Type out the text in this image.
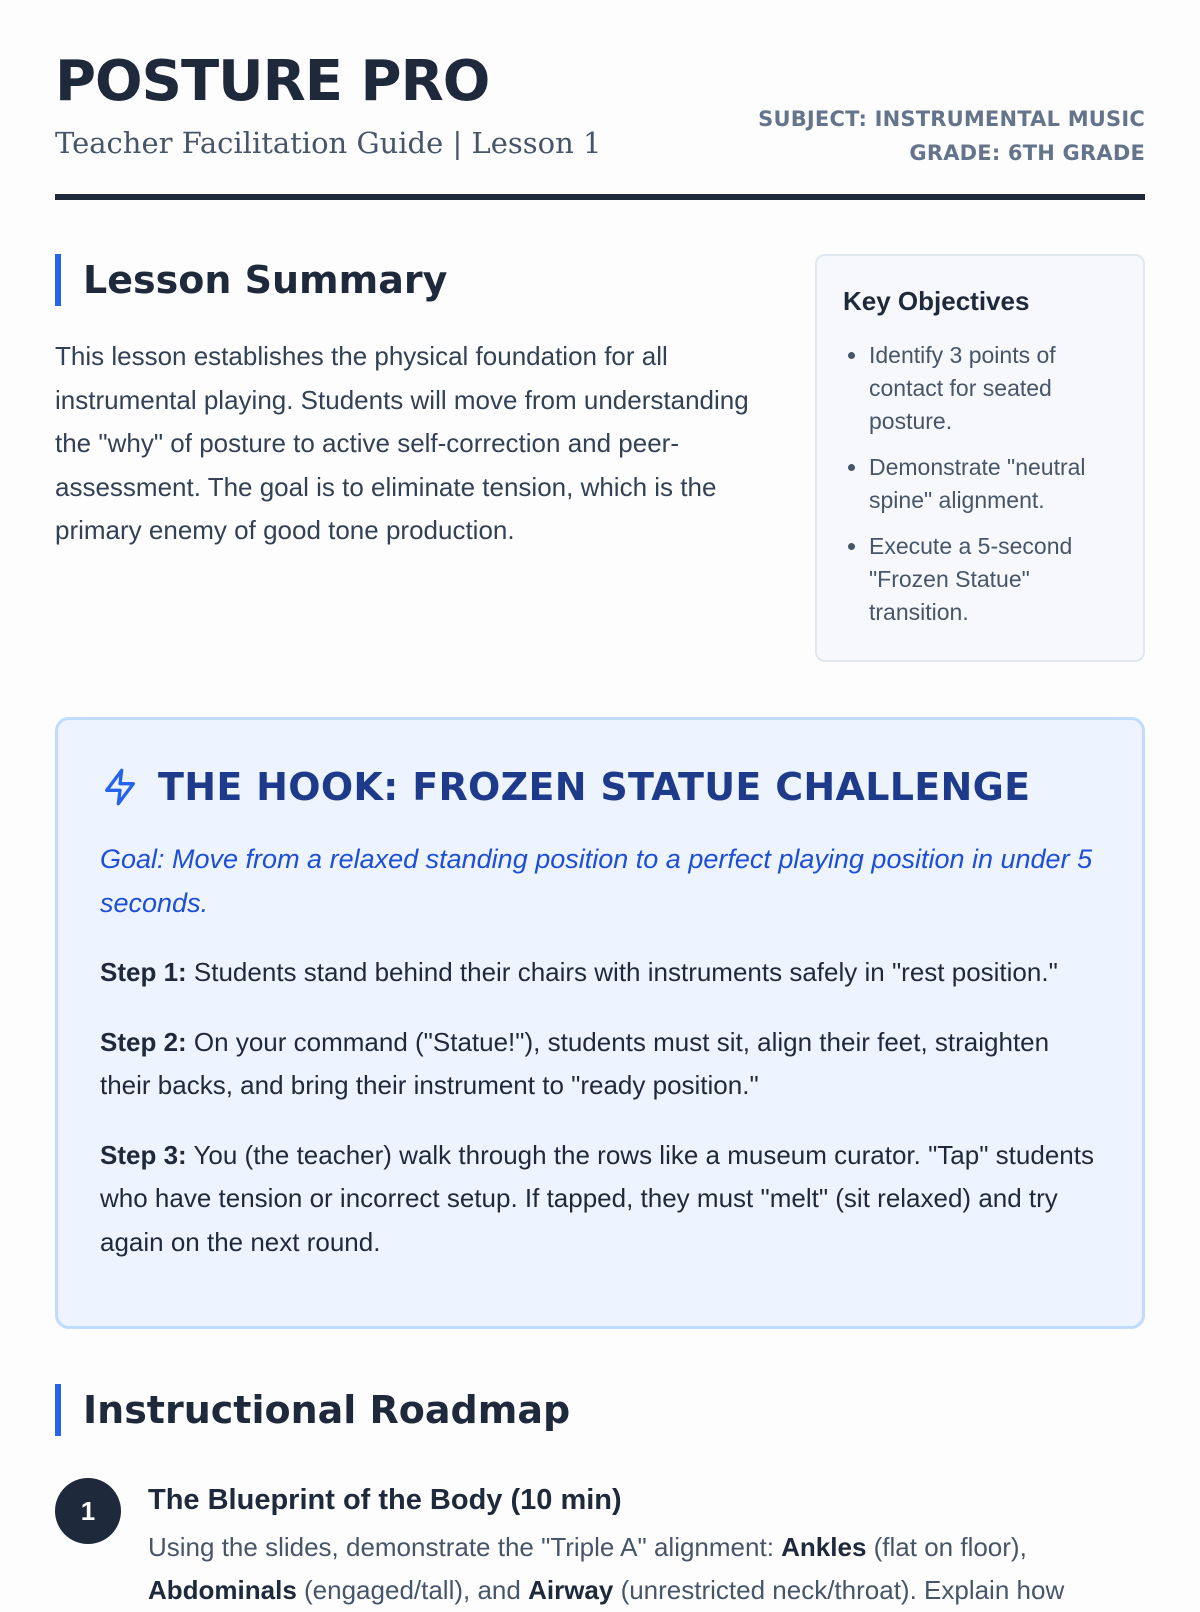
POSTURE PRO
Teacher Facilitation Guide | Lesson 1
SUBJECT: INSTRUMENTAL MUSIC
GRADE: 6TH GRADE
Lesson Summary

This lesson establishes the physical foundation for all instrumental playing. Students will move from understanding the "why" of posture to active self-correction and peer-assessment. The goal is to eliminate tension, which is the primary enemy of good tone production.

Key Objectives
• Identify 3 points of contact for seated posture.
• Demonstrate "neutral spine" alignment.
• Execute a 5-second "Frozen Statue" transition.
THE HOOK: FROZEN STATUE CHALLENGE

Goal: Move from a relaxed standing position to a perfect playing position in under 5 seconds.

Step 1: Students stand behind their chairs with instruments safely in "rest position."

Step 2: On your command ("Statue!"), students must sit, align their feet, straighten their backs, and bring their instrument to "ready position."

Step 3: You (the teacher) walk through the rows like a museum curator. "Tap" students who have tension or incorrect setup. If tapped, they must "melt" (sit relaxed) and try again on the next round.

Instructional Roadmap
1	The Blueprint of the Body (10 min)

Using the slides, demonstrate the "Triple A" alignment: Ankles (flat on floor), Abdominals (engaged/tall), and Airway (unrestricted neck/throat). Explain how
